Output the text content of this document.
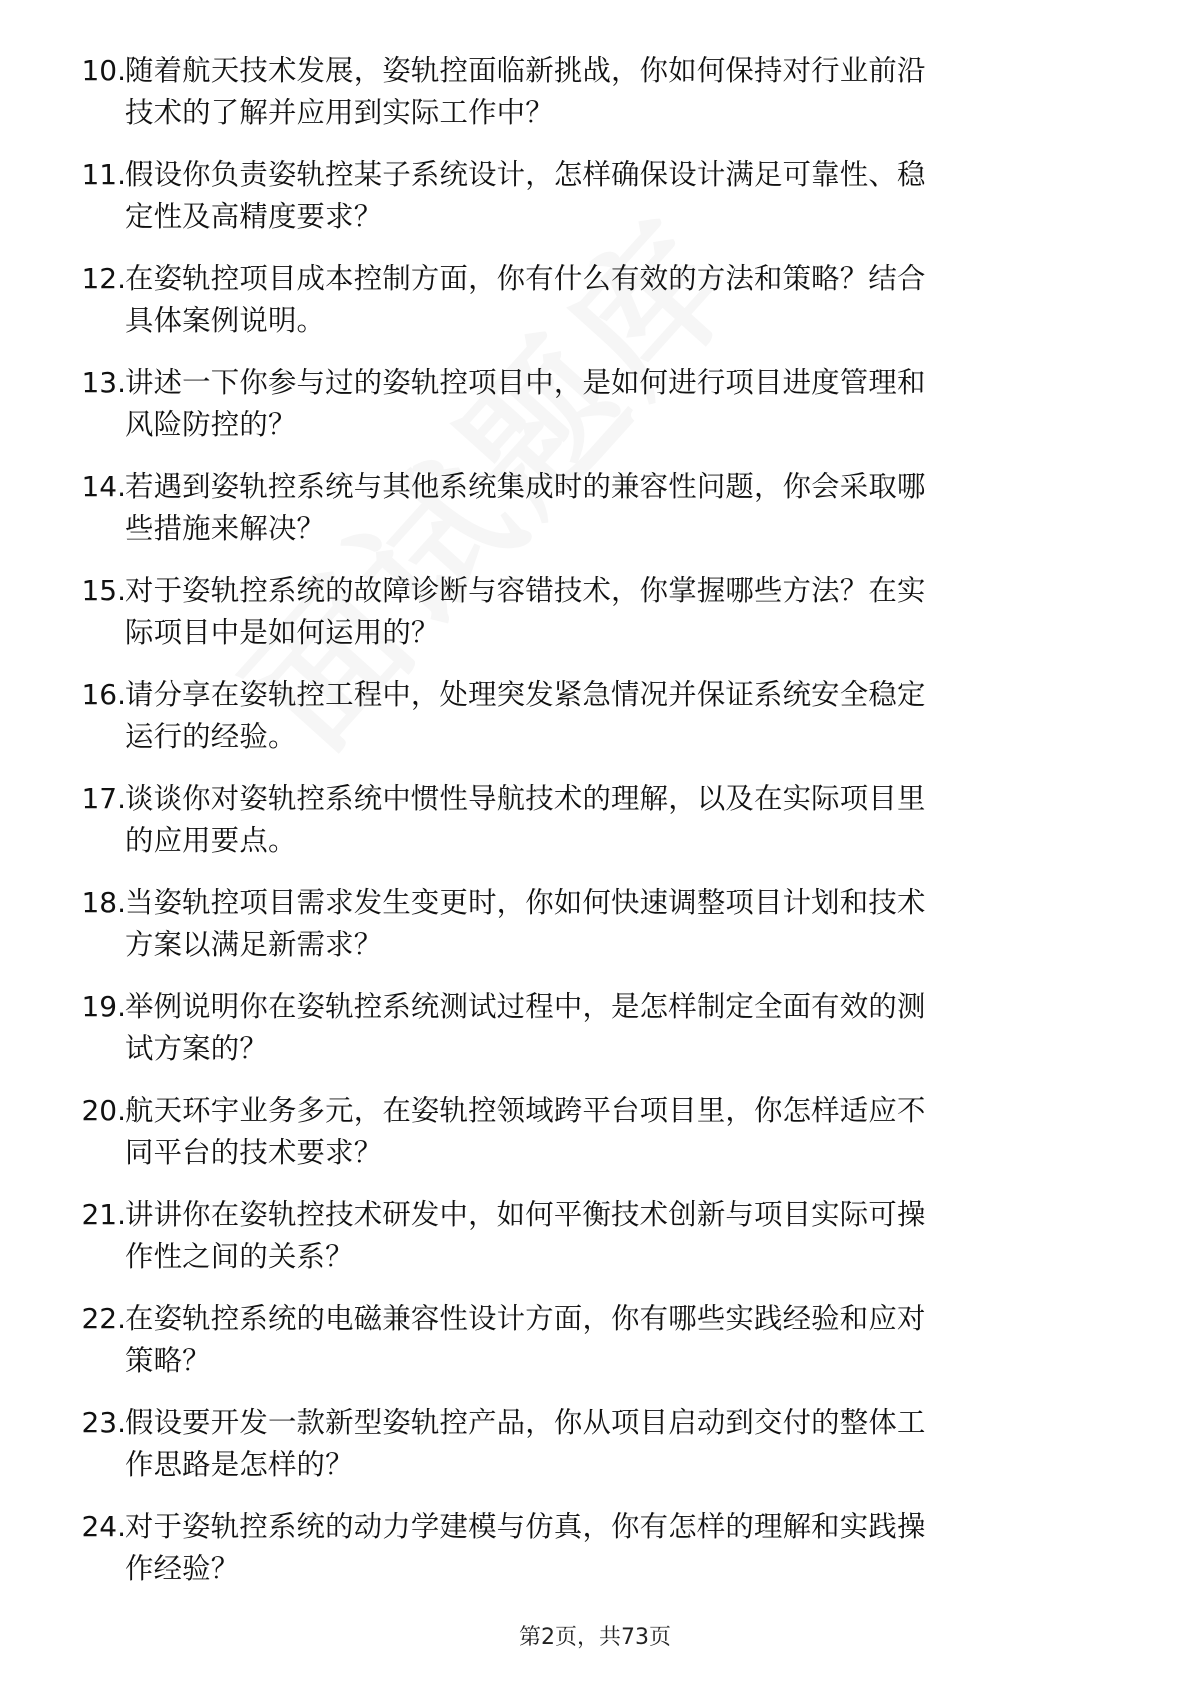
10. 随着航天技术发展，姿轨控面临新挑战，你如何保持对行业前沿
技术的了解并应用到实际工作中？
11. 假设你负责姿轨控某子系统设计，怎样确保设计满足可靠性、稳
定性及高精度要求？
12. 在姿轨控项目成本控制方面，你有什么有效的方法和策略？结合
具体案例说明。
13. 讲述一下你参与过的姿轨控项目中，是如何进行项目进度管理和
风险防控的？
14. 若遇到姿轨控系统与其他系统集成时的兼容性问题，你会采取哪
些措施来解决？
15. 对于姿轨控系统的故障诊断与容错技术，你掌握哪些方法？在实
际项目中是如何运用的？
16. 请分享在姿轨控工程中，处理突发紧急情况并保证系统安全稳定
运行的经验。
17. 谈谈你对姿轨控系统中惯性导航技术的理解，以及在实际项目里
的应用要点。
18. 当姿轨控项目需求发生变更时，你如何快速调整项目计划和技术
方案以满足新需求？
19. 举例说明你在姿轨控系统测试过程中，是怎样制定全面有效的测
试方案的？
20. 航天环宇业务多元，在姿轨控领域跨平台项目里，你怎样适应不
同平台的技术要求？
21. 讲讲你在姿轨控技术研发中，如何平衡技术创新与项目实际可操
作性之间的关系？
22. 在姿轨控系统的电磁兼容性设计方面，你有哪些实践经验和应对
策略？
23. 假设要开发一款新型姿轨控产品，你从项目启动到交付的整体工
作思路是怎样的？
24. 对于姿轨控系统的动力学建模与仿真，你有怎样的理解和实践操
作经验？
第2页，共73页
